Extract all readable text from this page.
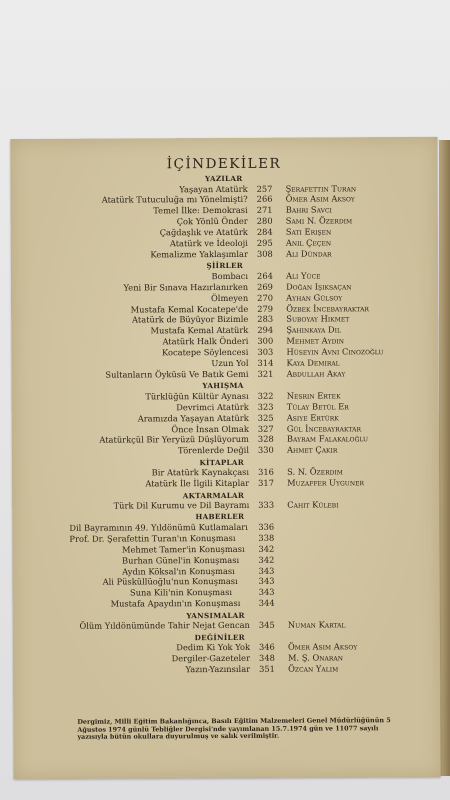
İÇİNDEKİLER
YAZILAR
Yaşayan Atatürk 257	Şerafettin Turan
Atatürk Tutuculuğa mı Yönelmişti? 266	Ömer Asım Aksoy
Temel İlke: Demokrasi 271	Bahri Savcı
Çok Yönlü Önder 280	Sami N. Özerdim
Çağdaşlık ve Atatürk 284	Sati Erişen
Atatürk ve İdeoloji 295	Anıl Çeçen
Kemalizme Yaklaşımlar 308	Ali Dündar
ŞİİRLER
Bombacı 264	Ali Yüce
Yeni Bir Sınava Hazırlanırken 269	Doğan Işıksaçan
Ölmeyen 270	Ayhan Gülsoy
Mustafa Kemal Kocatepe'de 279	Özbek İncebayraktar
Atatürk de Büyüyor Bizimle 283	Suboyay Hikmet
Mustafa Kemal Atatürk 294	Şahinkaya Dil
Atatürk Halk Önderi 300	Mehmet Aydın
Kocatepe Söylencesi 303	Hüseyin Avni Cinozoğlu
Uzun Yol 314	Kaya Demiral
Sultanların Öyküsü Ve Batık Gemi 321	Abdullah Akay
YAHIŞMA
Türklüğün Kültür Aynası 322	Nesrin Ertek
Devrimci Atatürk 323	Tülay Betül Er
Aramızda Yaşayan Atatürk 325	Asiye Ertürk
Önce İnsan Olmak 327	Gül İncebayraktar
Atatürkçül Bir Yeryüzü Düşlüyorum 328	Bayram Falakaloğlu
Törenlerde Değil 330	Ahmet Çakır
KİTAPLAR
Bir Atatürk Kaynakçası 316	S. N. Özerdim
Atatürk İle İlgili Kitaplar 317	Muzaffer Uyguner
AKTARMALAR
Türk Dil Kurumu ve Dil Bayramı 333	Cahit Külebi
HABERLER
Dil Bayramının 49. Yıldönümü Kutlamaları 336
Prof. Dr. Şerafettin Turan'ın Konuşması	338
Mehmet Tamer'in Konuşması 342
Burhan Günel'in Konuşması 342
Aydın Köksal'ın Konuşması	343
Ali Püsküllüoğlu'nun Konuşması	343
Suna Kili'nin Konuşması	343
Mustafa Apaydın'ın Konuşması 344
YANSIMALAR
Ölüm Yıldönümünde Tahir Nejat Gencan 345	Numan Kartal
DEĞİNİLER
Dedim Ki Yok Yok 346	Ömer Asım Aksoy
Dergiler-Gazeteler 348	M. Ş. Onaran
Yazın-Yazınsılar 351	Özcan Yalım
Dergimiz, Milli Eğitim Bakanlığınca, Basılı Eğitim Malzemeleri Genel Müdürlüğünün 5 Ağustos 1974 günlü Tebliğler Dergisi'nde yayımlanan 15.7.1974 gün ve 11077 sayılı yazısıyla bütün okullara duyurulmuş ve salık verilmiştir.
